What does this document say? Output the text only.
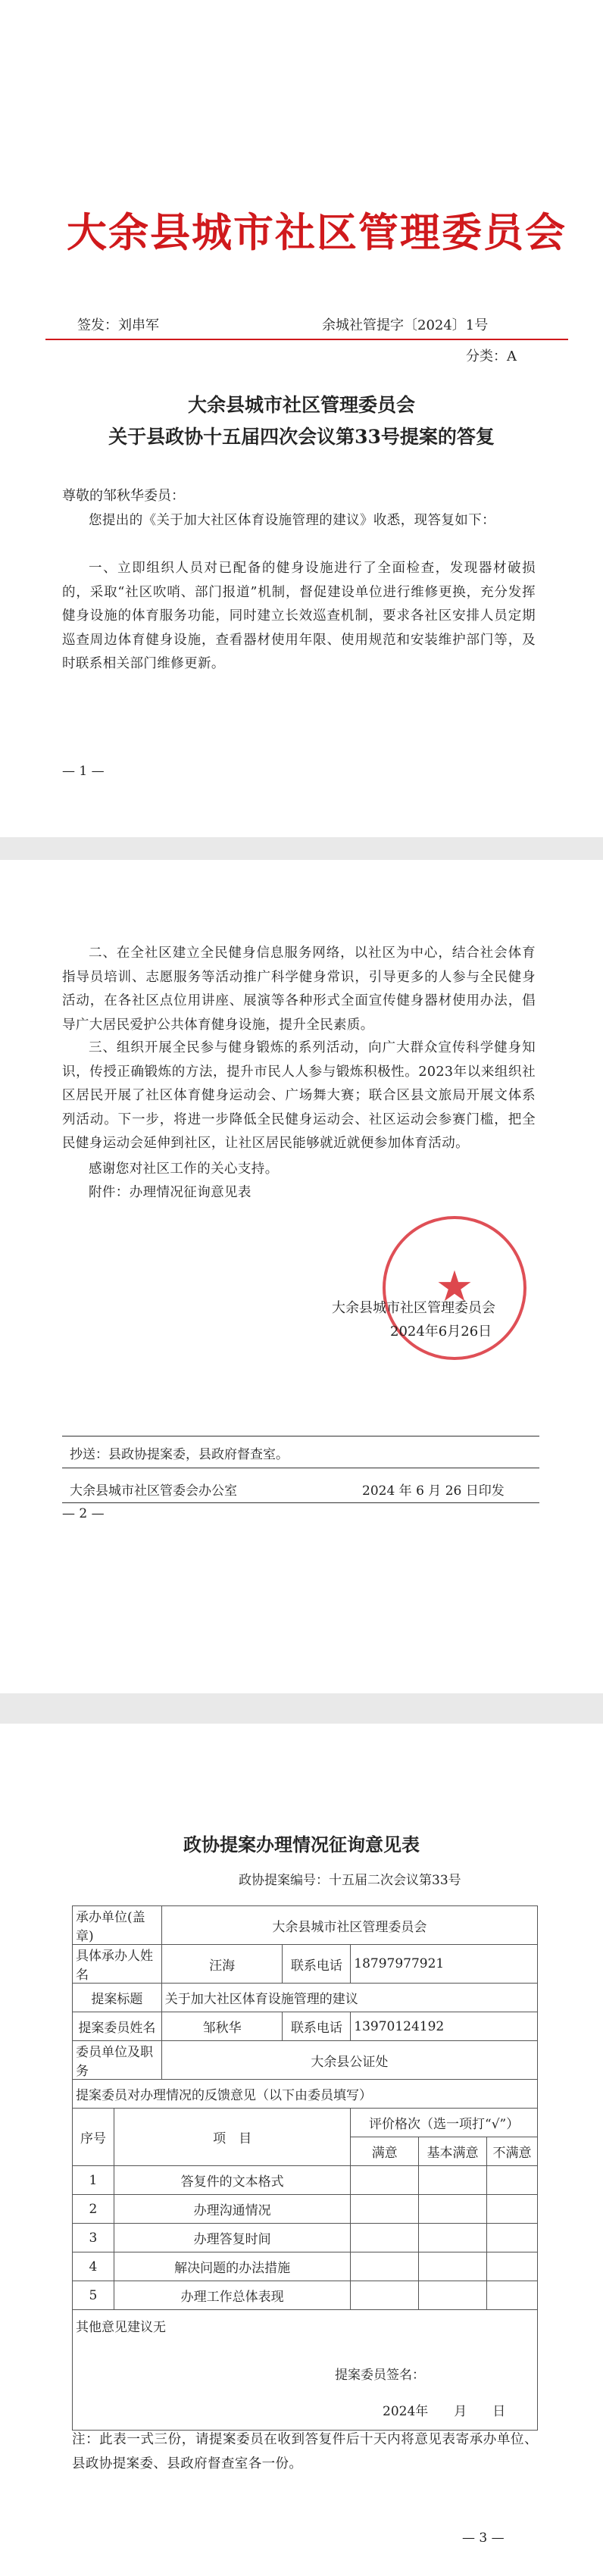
大余县城市社区管理委员会
签发：刘串军	余城社管提字〔2024〕1号
分类：A
大余县城市社区管理委员会
关于县政协十五届四次会议第33号提案的答复
尊敬的邹秋华委员：
您提出的《关于加大社区体育设施管理的建议》收悉，现答复如下：
一、立即组织人员对已配备的健身设施进行了全面检查，发现器材破损的，采取“社区吹哨、部门报道”机制，督促建设单位进行维修更换，充分发挥健身设施的体育服务功能，同时建立长效巡查机制，要求各社区安排人员定期巡查周边体育健身设施，查看器材使用年限、使用规范和安装维护部门等，及时联系相关部门维修更新。
— 1 —
二、在全社区建立全民健身信息服务网络，以社区为中心，结合社会体育指导员培训、志愿服务等活动推广科学健身常识，引导更多的人参与全民健身活动，在各社区点位用讲座、展演等各种形式全面宣传健身器材使用办法，倡导广大居民爱护公共体育健身设施，提升全民素质。
三、组织开展全民参与健身锻炼的系列活动，向广大群众宣传科学健身知识，传授正确锻炼的方法，提升市民人人参与锻炼积极性。2023年以来组织社区居民开展了社区体育健身运动会、广场舞大赛；联合区县文旅局开展文体系列活动。下一步，将进一步降低全民健身运动会、社区运动会参赛门槛，把全民健身运动会延伸到社区，让社区居民能够就近就便参加体育活动。
感谢您对社区工作的关心支持。
附件：办理情况征询意见表
★
大余县城市社区管理委员会
2024年6月26日
抄送：县政协提案委，县政府督查室。
大余县城市社区管委会办公室	2024 年 6 月 26 日印发
— 2 —
政协提案办理情况征询意见表
政协提案编号：十五届二次会议第33号
承办单位(盖章)		大余县城市社区管理委员会				
具体承办人姓名		汪海	联系电话	18797977921		
提案标题		关于加大社区体育设施管理的建议				
提案委员姓名		邹秋华	联系电话	13970124192		
委员单位及职务		大余县公证处				
提案委员对办理情况的反馈意见（以下由委员填写）						
序号	项　目			评价格次（选一项打“√”）		
				满意	基本满意	不满意
1	答复件的文本格式					
2	办理沟通情况					
3	办理答复时间					
4	解决问题的办法措施					
5	办理工作总体表现					
其他意见建议无						
提案委员签名：
2024年　　月　　日
注：此表一式三份，请提案委员在收到答复件后十天内将意见表寄承办单位、县政协提案委、县政府督查室各一份。
— 3 —
